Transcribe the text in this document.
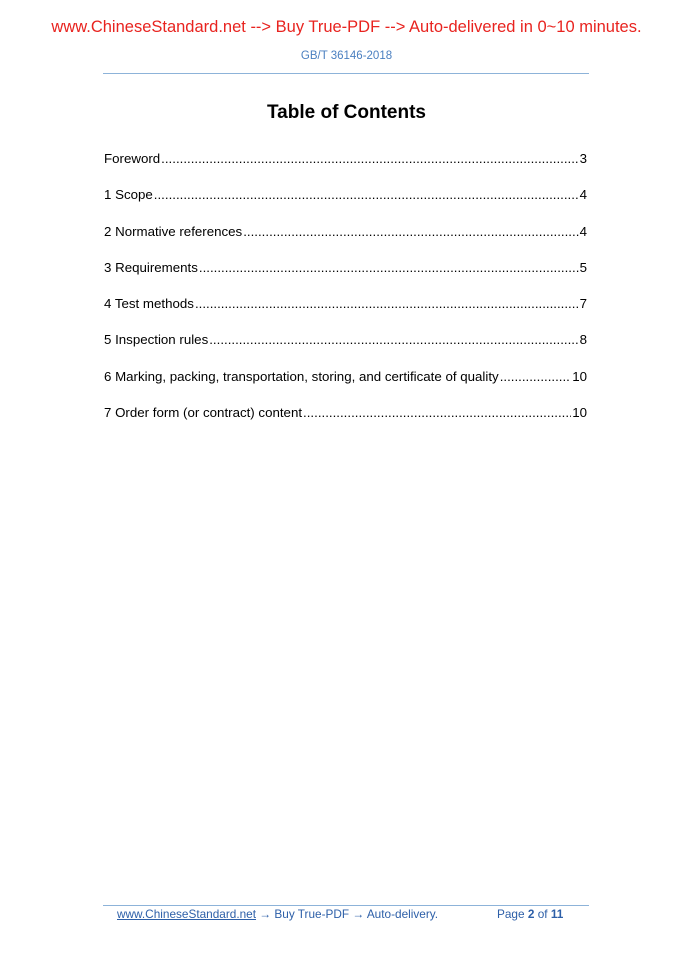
www.ChineseStandard.net --> Buy True-PDF --> Auto-delivered in 0~10 minutes.
GB/T 36146-2018
Table of Contents
Foreword .....	3
1 Scope .....	4
2 Normative references .....	4
3 Requirements .....	5
4 Test methods .....	7
5 Inspection rules .....	8
6 Marking, packing, transportation, storing, and certificate of quality .....	10
7 Order form (or contract) content .....	10
www.ChineseStandard.net → Buy True-PDF → Auto-delivery.	Page 2 of 11
